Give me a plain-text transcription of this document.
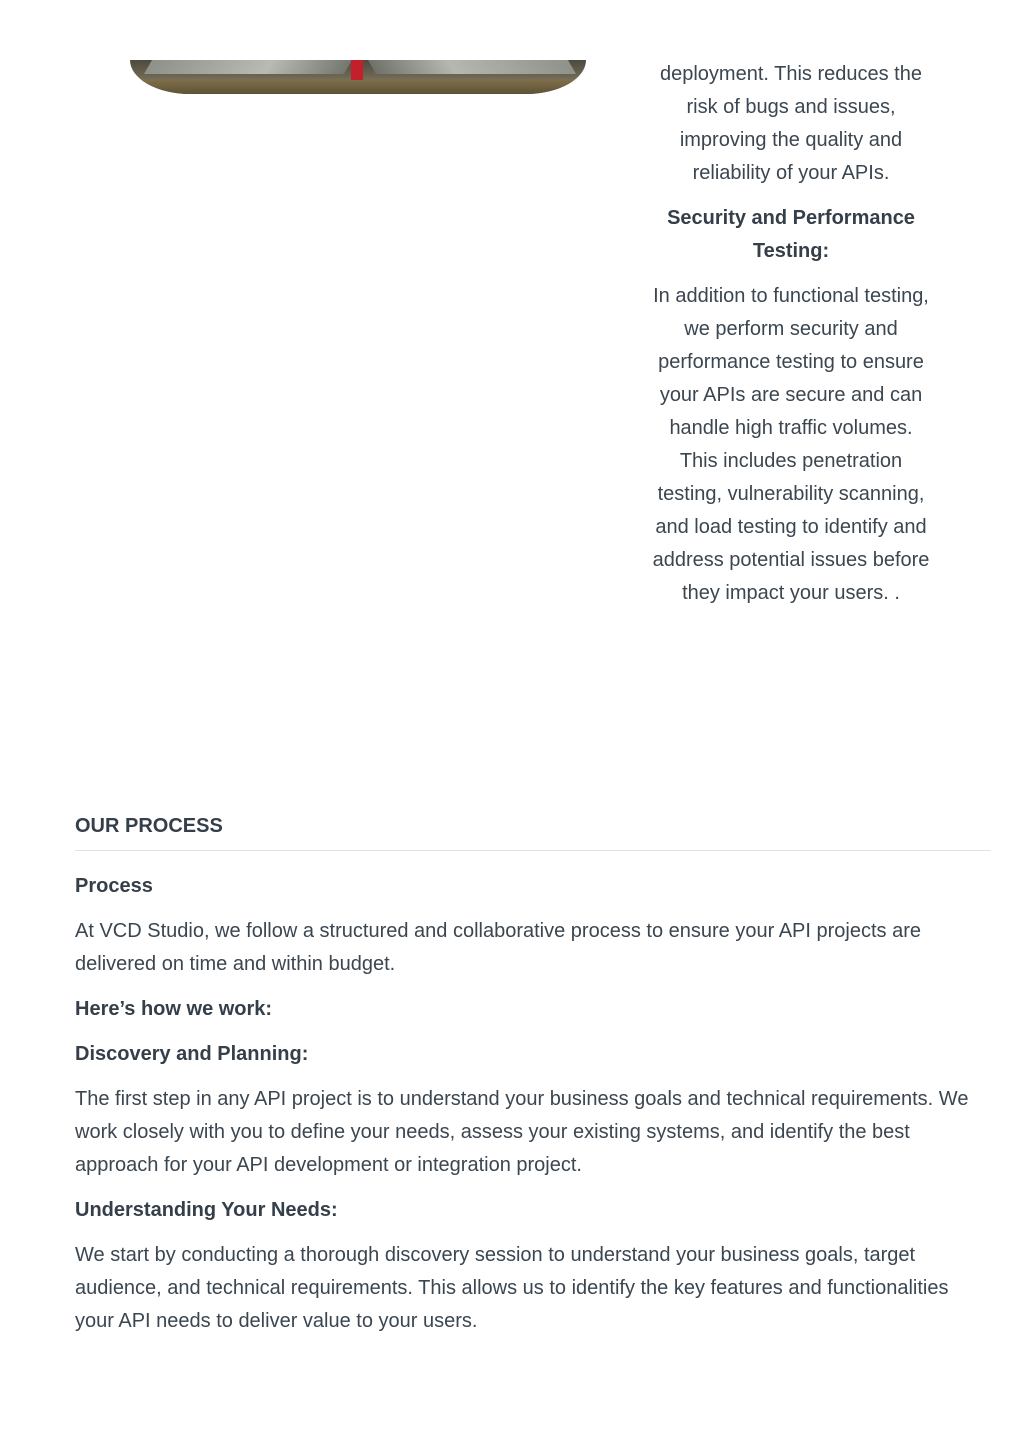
deployment. This reduces the risk of bugs and issues, improving the quality and reliability of your APIs.

Security and Performance Testing:

In addition to functional testing, we perform security and performance testing to ensure your APIs are secure and can handle high traffic volumes. This includes penetration testing, vulnerability scanning, and load testing to identify and address potential issues before they impact your users. .

OUR PROCESS
Process

At VCD Studio, we follow a structured and collaborative process to ensure your API projects are delivered on time and within budget.

Here’s how we work:
Discovery and Planning:

The first step in any API project is to understand your business goals and technical requirements. We work closely with you to define your needs, assess your existing systems, and identify the best approach for your API development or integration project.

Understanding Your Needs:

We start by conducting a thorough discovery session to understand your business goals, target audience, and technical requirements. This allows us to identify the key features and functionalities your API needs to deliver value to your users.
